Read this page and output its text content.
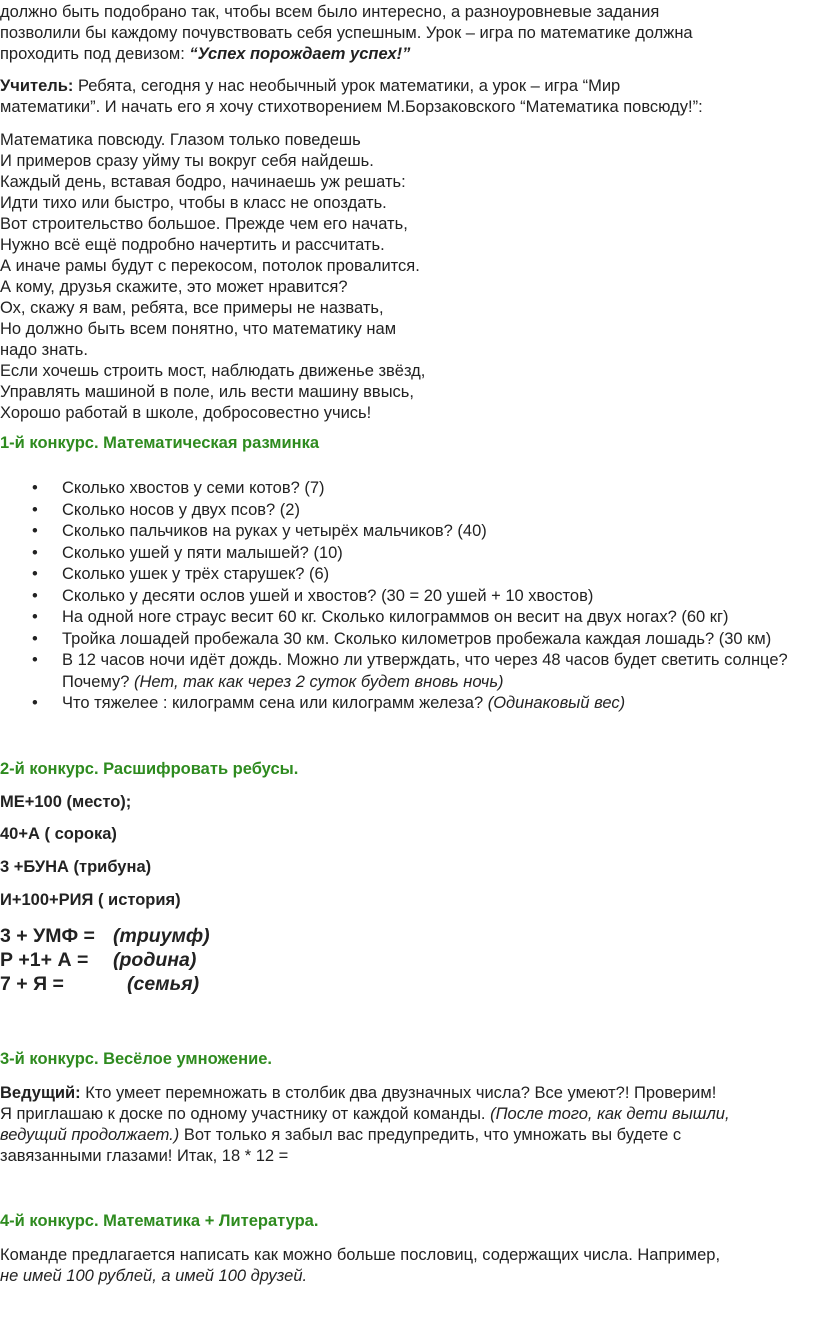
должно быть подобрано так, чтобы всем было интересно, а разноуровневые задания
позволили бы каждому почувствовать себя успешным. Урок – игра по математике должна
проходить под девизом: “Успех порождает успех!”
Учитель: Ребята, сегодня у нас необычный урок математики, а урок – игра “Мир
математики”. И начать его я хочу стихотворением М.Борзаковского “Математика повсюду!”:
Математика повсюду. Глазом только поведешь
И примеров сразу уйму ты вокруг себя найдешь.
Каждый день, вставая бодро, начинаешь уж решать:
Идти тихо или быстро, чтобы в класс не опоздать.
Вот строительство большое. Прежде чем его начать,
Нужно всё ещё подробно начертить и рассчитать.
А иначе рамы будут с перекосом, потолок провалится.
А кому, друзья скажите, это может нравится?
Ох, скажу я вам, ребята, все примеры не назвать,
Но должно быть всем понятно, что математику нам
надо знать.
Если хочешь строить мост, наблюдать движенье звёзд,
Управлять машиной в поле, иль вести машину ввысь,
Хорошо работай в школе, добросовестно учись!
1-й конкурс. Математическая разминка
• Сколько хвостов у семи котов? (7)
• Сколько носов у двух псов? (2)
• Сколько пальчиков на руках у четырёх мальчиков? (40)
• Сколько ушей у пяти малышей? (10)
• Сколько ушек у трёх старушек? (6)
• Сколько у десяти ослов ушей и хвостов? (30 = 20 ушей + 10 хвостов)
• На одной ноге страус весит 60 кг. Сколько килограммов он весит на двух ногах? (60 кг)
• Тройка лошадей пробежала 30 км. Сколько километров пробежала каждая лошадь? (30 км)
• В 12 часов ночи идёт дождь. Можно ли утверждать, что через 48 часов будет светить солнце? Почему? (Нет, так как через 2 суток будет вновь ночь)
• Что тяжелее : килограмм сена или килограмм железа? (Одинаковый вес)
2-й конкурс. Расшифровать ребусы.
МЕ+100 (место);
40+А ( сорока)
3 +БУНА (трибуна)
И+100+РИЯ ( история)
3 + УМФ = (триумф)
Р +1+ А = (родина)
7 + Я =	(семья)
3-й конкурс. Весёлое умножение.
Ведущий: Кто умеет перемножать в столбик два двузначных числа? Все умеют?! Проверим!
Я приглашаю к доске по одному участнику от каждой команды. (После того, как дети вышли,
ведущий продолжает.) Вот только я забыл вас предупредить, что умножать вы будете с
завязанными глазами! Итак, 18 * 12 =
4-й конкурс. Математика + Литература.
Команде предлагается написать как можно больше пословиц, содержащих числа. Например,
не имей 100 рублей, а имей 100 друзей.
